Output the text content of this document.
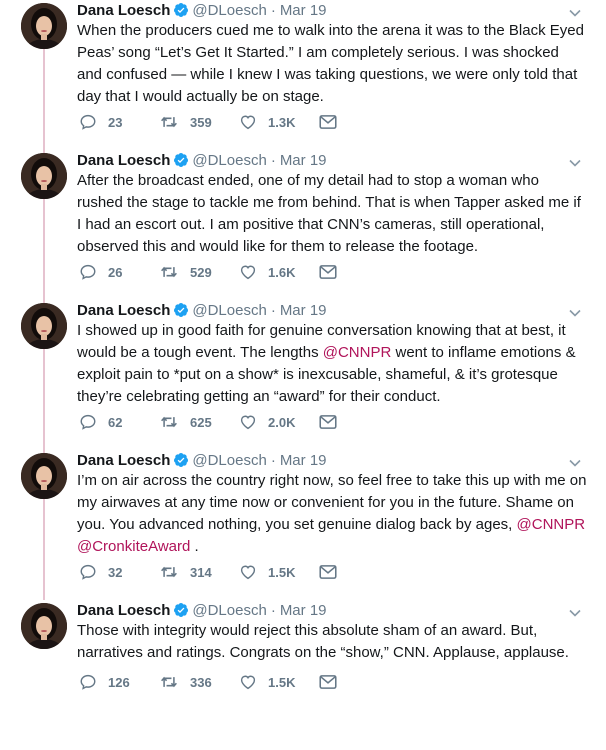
Dana Loesch @DLoesch · Mar 19
When the producers cued me to walk into the arena it was to the Black Eyed Peas’ song “Let’s Get It Started.” I am completely serious. I was shocked and confused — while I knew I was taking questions, we were only told that day that I would actually be on stage.
23	359	1.3K
Dana Loesch @DLoesch · Mar 19
After the broadcast ended, one of my detail had to stop a woman who rushed the stage to tackle me from behind. That is when Tapper asked me if I had an escort out. I am positive that CNN’s cameras, still operational, observed this and would like for them to release the footage.
26	529	1.6K
Dana Loesch @DLoesch · Mar 19
I showed up in good faith for genuine conversation knowing that at best, it would be a tough event. The lengths @CNNPR went to inflame emotions & exploit pain to *put on a show* is inexcusable, shameful, & it’s grotesque they’re celebrating getting an “award” for their conduct.
62	625	2.0K
Dana Loesch @DLoesch · Mar 19
I’m on air across the country right now, so feel free to take this up with me on my airwaves at any time now or convenient for you in the future. Shame on you. You advanced nothing, you set genuine dialog back by ages, @CNNPR @CronkiteAward .
32	314	1.5K
Dana Loesch @DLoesch · Mar 19
Those with integrity would reject this absolute sham of an award. But, narratives and ratings. Congrats on the “show,” CNN. Applause, applause.
126	336	1.5K
